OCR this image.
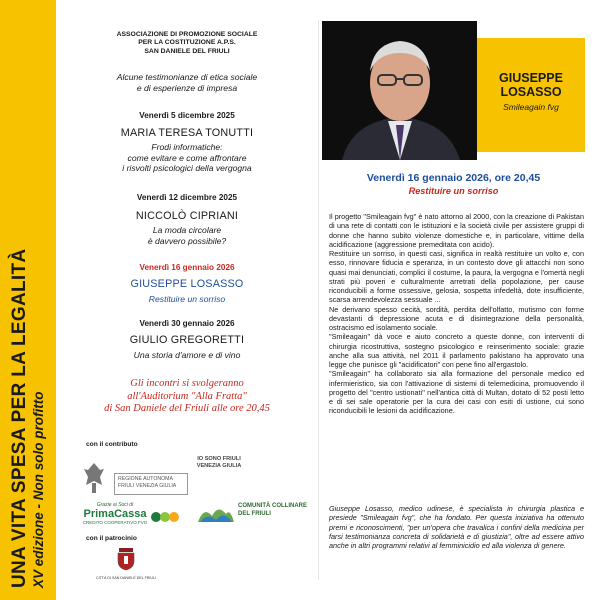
UNA VITA SPESA PER LA LEGALITÀ XV edizione - Non solo profitto
ASSOCIAZIONE DI PROMOZIONE SOCIALE
PER LA COSTITUZIONE A.P.S.
SAN DANIELE DEL FRIULI
Alcune testimonianze di etica sociale
e di esperienze di impresa
Venerdì 5 dicembre 2025
MARIA TERESA TONUTTI
Frodi informatiche:
come evitare e come affrontare
i risvolti psicologici della vergogna
Venerdì 12 dicembre 2025
NICCOLÒ CIPRIANI
La moda circolare
è davvero possibile?
Venerdì 16 gennaio 2026
GIUSEPPE LOSASSO
Restituire un sorriso
Venerdì 30 gennaio 2026
GIULIO GREGORETTI
Una storia d'amore e di vino
Gli incontri si svolgeranno
all'Auditorium "Alla Fratta"
di San Daniele del Friuli alle ore 20,45
con il contributo
REGIONE AUTONOMA FRIULI VENEZIA GIULIA
IO SONO FRIULI VENEZIA GIULIA
Grazie ai Soci di
PrimaCassa
CREDITO COOPERATIVO FVG
COMUNITÀ COLLINARE DEL FRIULI
con il patrocinio
CITTÀ DI SAN DANIELE DEL FRIULI
GIUSEPPE
LOSASSO
Smileagain fvg
Venerdì 16 gennaio 2026, ore 20,45
Restituire un sorriso

Il progetto "Smileagain fvg" è nato attorno al 2000, con la creazione di Pakistan di una rete di contatti con le istituzioni e la società civile per assistere gruppi di donne che hanno subito violenze domestiche e, in particolare, vittime della acidificazione (aggressione premeditata con acido).

Restituire un sorriso, in questi casi, significa in realtà restituire un volto e, con esso, rinnovare fiducia e speranza, in un contesto dove gli attacchi non sono quasi mai denunciati, complici il costume, la paura, la vergogna e l'omertà negli strati più poveri e culturalmente arretrati della popolazione, per cause riconducibili a forme ossessive, gelosia, sospetta infedeltà, dote insufficiente, scarsa arrendevolezza sessuale ...

Ne derivano spesso cecità, sordità, perdita dell'olfatto, mutismo con forme devastanti di depressione acuta e di disintegrazione della personalità, ostracismo ed isolamento sociale.

"Smileagain" dà voce e aiuto concreto a queste donne, con interventi di chirurgia ricostruttiva, sostegno psicologico e reinserimento sociale: grazie anche alla sua attività, nel 2011 il parlamento pakistano ha approvato una legge che punisce gli "acidificatori" con pene fino all'ergastolo.

"Smileagain" ha collaborato sia alla formazione del personale medico ed infermieristico, sia con l'attivazione di sistemi di telemedicina, promuovendo il progetto del "centro ustionati" nell'antica città di Multan, dotato di 52 posti letto e di sei sale operatorie per la cura dei casi con esiti di ustione, cui sono riconducibili le lesioni da acidificazione.

Giuseppe Losasso, medico udinese, è specialista in chirurgia plastica e presiede "Smileagain fvg", che ha fondato. Per questa iniziativa ha ottenuto premi e riconoscimenti, "per un'opera che travalica i confini della medicina per farsi testimonianza concreta di solidarietà e di giustizia", oltre ad essere attivo anche in altri programmi relativi al femminicidio ed alla violenza di genere.
